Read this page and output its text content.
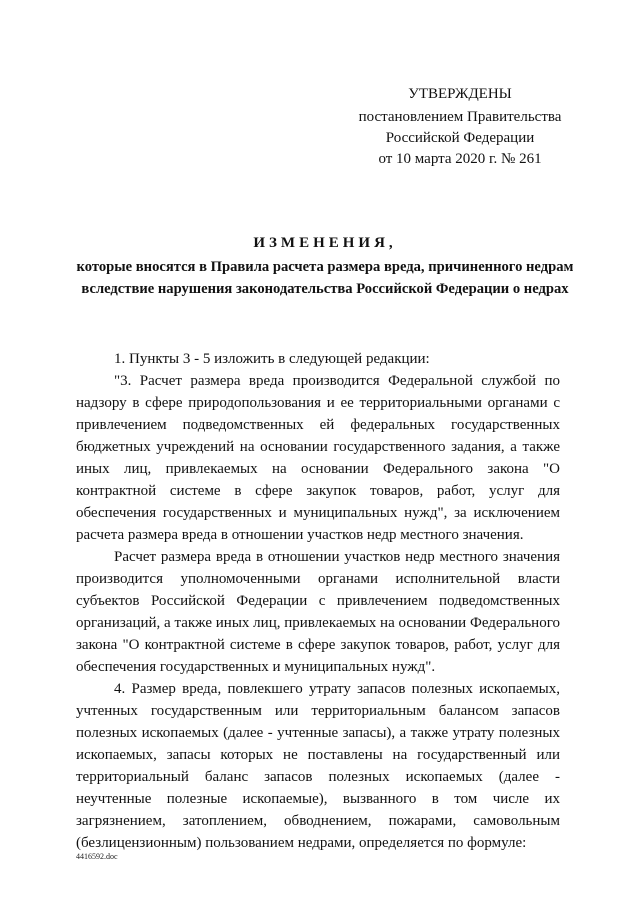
УТВЕРЖДЕНЫ
постановлением Правительства
Российской Федерации
от 10 марта 2020 г. № 261
ИЗМЕНЕНИЯ,
которые вносятся в Правила расчета размера вреда, причиненного недрам вследствие нарушения законодательства Российской Федерации о недрах

1. Пункты 3 - 5 изложить в следующей редакции:

"3. Расчет размера вреда производится Федеральной службой по надзору в сфере природопользования и ее территориальными органами с привлечением подведомственных ей федеральных государственных бюджетных учреждений на основании государственного задания, а также иных лиц, привлекаемых на основании Федерального закона "О контрактной системе в сфере закупок товаров, работ, услуг для обеспечения государственных и муниципальных нужд", за исключением расчета размера вреда в отношении участков недр местного значения.

Расчет размера вреда в отношении участков недр местного значения производится уполномоченными органами исполнительной власти субъектов Российской Федерации с привлечением подведомственных организаций, а также иных лиц, привлекаемых на основании Федерального закона "О контрактной системе в сфере закупок товаров, работ, услуг для обеспечения государственных и муниципальных нужд".

4. Размер вреда, повлекшего утрату запасов полезных ископаемых, учтенных государственным или территориальным балансом запасов полезных ископаемых (далее - учтенные запасы), а также утрату полезных ископаемых, запасы которых не поставлены на государственный или территориальный баланс запасов полезных ископаемых (далее - неучтенные полезные ископаемые), вызванного в том числе их загрязнением, затоплением, обводнением, пожарами, самовольным (безлицензионным) пользованием недрами, определяется по формуле:

4416592.doc
